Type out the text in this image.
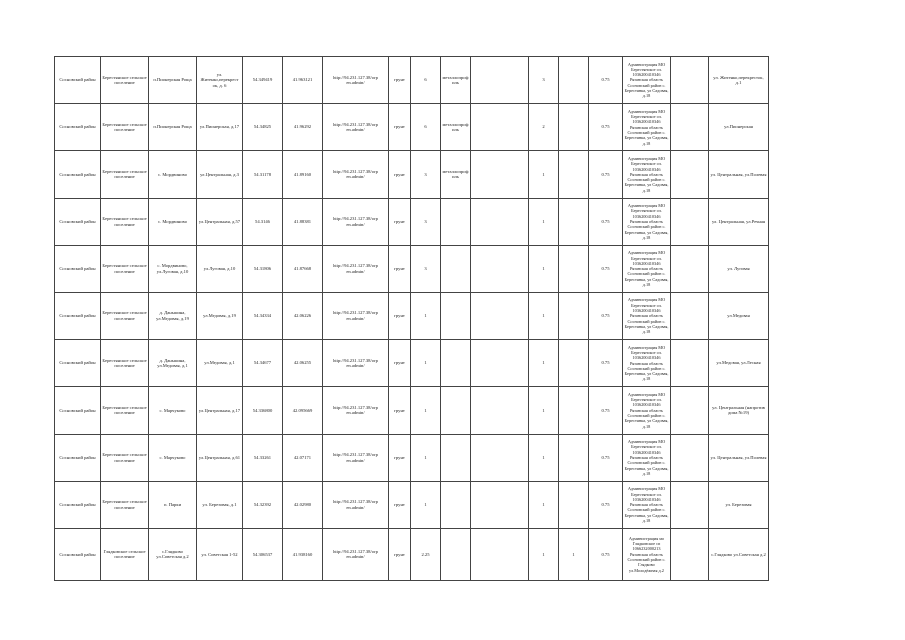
Сосновский район	Берестянское сельское поселение	п.Пионерская Роща	ул. Житенко,перекрест ок, д. 6	54.349419	41.963121	http://94.231.127.38/orp en.admin/	грунт	6	металлопроф иль		3		0.75	Администрация МО Берестянское сп. 1036200410346 Рязанская область Сосновский район с. Берестянка, ул Садовая, д.18		ул. Житенко,перекресток, д.1
Сосновский район	Берестянское сельское поселение	п.Пионерская Роща	ул.Пионерская, д.17	54.34825	41.96292	http://94.231.127.38/orp en.admin/	грунт	6	металлопроф иль		2		0.75	Администрация МО Берестянское сп. 1036200410346 Рязанская область Сосновский район с. Берестянка, ул Садовая, д.18		ул.Пионерская
Сосновский район	Берестянское сельское поселение	с. Мордвиново	ул.Центральная, д.3	54.31178	41.89160	http://94.231.127.38/orp en.admin/	грунт	3	металлопроф иль		1		0.75	Администрация МО Берестянское сп. 1036200410346 Рязанская область Сосновский район с. Берестянка, ул Садовая, д.18		ул. Центральная, ул.Полевая
Сосновский район	Берестянское сельское поселение	с. Мордвиново	ул.Центральная, д.57	54.3146	41.88381	http://94.231.127.38/orp en.admin/	грунт	3			1		0.75	Администрация МО Берестянское сп. 1036200410346 Рязанская область Сосновский район с. Берестянка, ул Садовая, д.18		ул. Центральная, ул.Речная
Сосновский район	Берестянское сельское поселение	с. Мордвиново, ул.Луговая, д.10	ул.Луговая, д.10	54.31806	41.87668	http://94.231.127.38/orp en.admin/	грунт	3			1		0.75	Администрация МО Берестянское сп. 1036200410346 Рязанская область Сосновский район с. Берестянка, ул Садовая, д.18		ул. Луговая
Сосновский район	Берестянское сельское поселение	д. Даньшина, ул.Медовая, д.19	ул.Медовая, д.19	54.34334	42.06226	http://94.231.127.38/orp en.admin/	грунт	1			1		0.75	Администрация МО Берестянское сп. 1036200410346 Рязанская область Сосновский район с. Берестянка, ул Садовая, д.18		ул.Медовая
Сосновский район	Берестянское сельское поселение	д. Даньшина, ул.Медовая, д.1	ул.Медовая, д.1	54.34677	42.06255	http://94.231.127.38/orp en.admin/	грунт	1			1		0.75	Администрация МО Берестянское сп. 1036200410346 Рязанская область Сосновский район с. Берестянка, ул Садовая, д.18		ул.Медовая, ул.Лесная
Сосновский район	Берестянское сельское поселение	с. Марчуково	ул.Центральная, д.17	54.336800	42.095669	http://94.231.127.38/orp en.admin/	грунт	1			1		0.75	Администрация МО Берестянское сп. 1036200410346 Рязанская область Сосновский район с. Берестянка, ул Садовая, д.18		ул. Центральная (напротив дома №19)
Сосновский район	Берестянское сельское поселение	с. Марчуково	ул.Центральная, д.61	54.33261	42.07171	http://94.231.127.38/orp en.admin/	грунт	1			1		0.75	Администрация МО Берестянское сп. 1036200410346 Рязанская область Сосновский район с. Берестянка, ул Садовая, д.18		ул. Центральная, ул.Полевая
Сосновский район	Берестянское сельское поселение	п. Парки	ул. Березовая, д.1	54.32392	42.02980	http://94.231.127.38/orp en.admin/	грунт	1			1		0.75	Администрация МО Берестянское сп. 1036200410346 Рязанская область Сосновский район с. Берестянка, ул Садовая, д.18		ул. Березовая
Сосновский район	Глядковское сельское поселение	с.Глядково ул.Советская д.2	ул. Советская 1-52	54.306537	41.938160	http://94.231.127.38/orp en.admin/	грунт	2.25			1	1	0.75	Администрация мо Глядковское сп 1066232000213 Рязанская область Сосновский район с. Глядково ул.Молодёжная д.2		с.Глядково ул.Советская д.2
